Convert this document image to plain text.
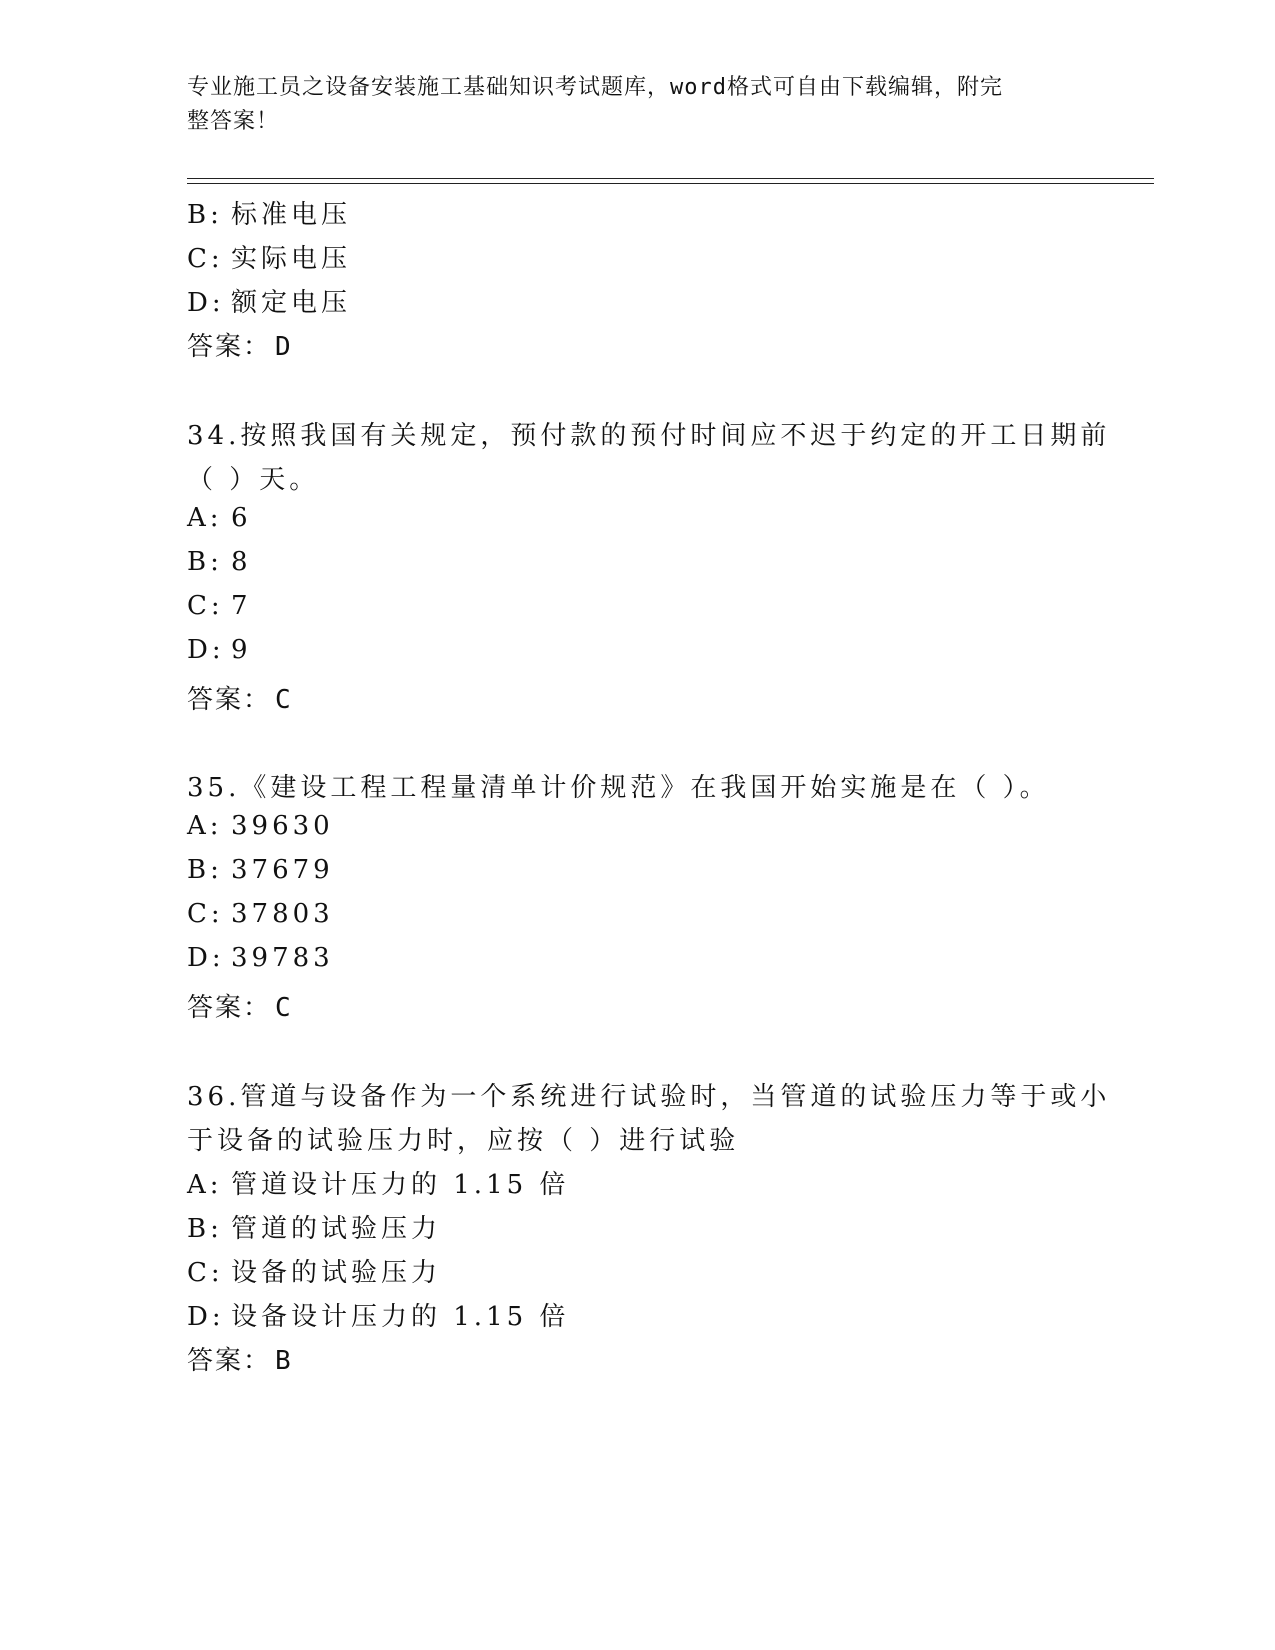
专业施工员之设备安装施工基础知识考试题库，word格式可自由下载编辑，附完
整答案！
B: 标准电压
C: 实际电压
D: 额定电压
答案： D
34.按照我国有关规定，预付款的预付时间应不迟于约定的开工日期前
（ ）天。
A: 6
B: 8
C: 7
D: 9
答案： C
35.《建设工程工程量清单计价规范》在我国开始实施是在（ ）。
A: 39630
B: 37679
C: 37803
D: 39783
答案： C
36.管道与设备作为一个系统进行试验时，当管道的试验压力等于或小
于设备的试验压力时，应按（ ）进行试验
A: 管道设计压力的 1.15 倍
B: 管道的试验压力
C: 设备的试验压力
D: 设备设计压力的 1.15 倍
答案： B
